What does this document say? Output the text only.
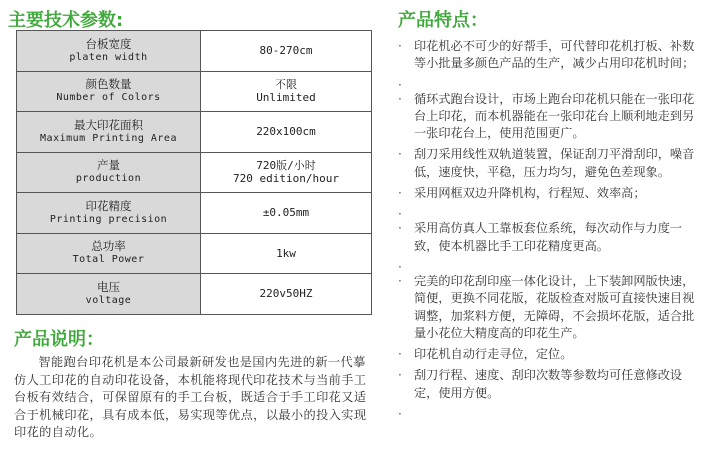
主要技术参数:	产品特点：
产品说明：
台板宽度
platen width	80-270cm

颜色数量
Number of Colors	不限
Unlimited

最大印花面积
Maximum Printing Area	220x100cm

产量
production	720版/小时
720 edition/hour

印花精度
Printing precision	±0.05mm

总功率
Total Power	1kw

电压
voltage	220v50HZ

智能跑台印花机是本公司最新研发也是国内先进的新一代摹仿人工印花的自动印花设备，本机能将现代印花技术与当前手工台板有效结合，可保留原有的手工台板，既适合于手工印花又适合于机械印花，具有成本低，易实现等优点，以最小的投入实现印花的自动化。

· 印花机必不可少的好帮手，可代替印花机打板、补数等小批量多颜色产品的生产，减少占用印花机时间；
·
· 循环式跑台设计，市场上跑台印花机只能在一张印花台上印花，而本机器能在一张印花台上顺利地走到另一张印花台上，使用范围更广。
· 刮刀采用线性双轨道装置，保证刮刀平滑刮印，噪音低，速度快，平稳，压力均匀，避免色差现象。
· 采用网框双边升降机构，行程短、效率高；
·
· 采用高仿真人工靠板套位系统，每次动作与力度一致，使本机器比手工印花精度更高。
·
· 完美的印花刮印座一体化设计，上下装卸网版快速，简便，更换不同花版，花版检查对版可直接快速目视调整，加浆料方便，无障碍，不会损坏花版，适合批量小花位大精度高的印花生产。
· 印花机自动行走寻位，定位。
· 刮刀行程、速度、刮印次数等参数均可任意修改设定，使用方便。
·
